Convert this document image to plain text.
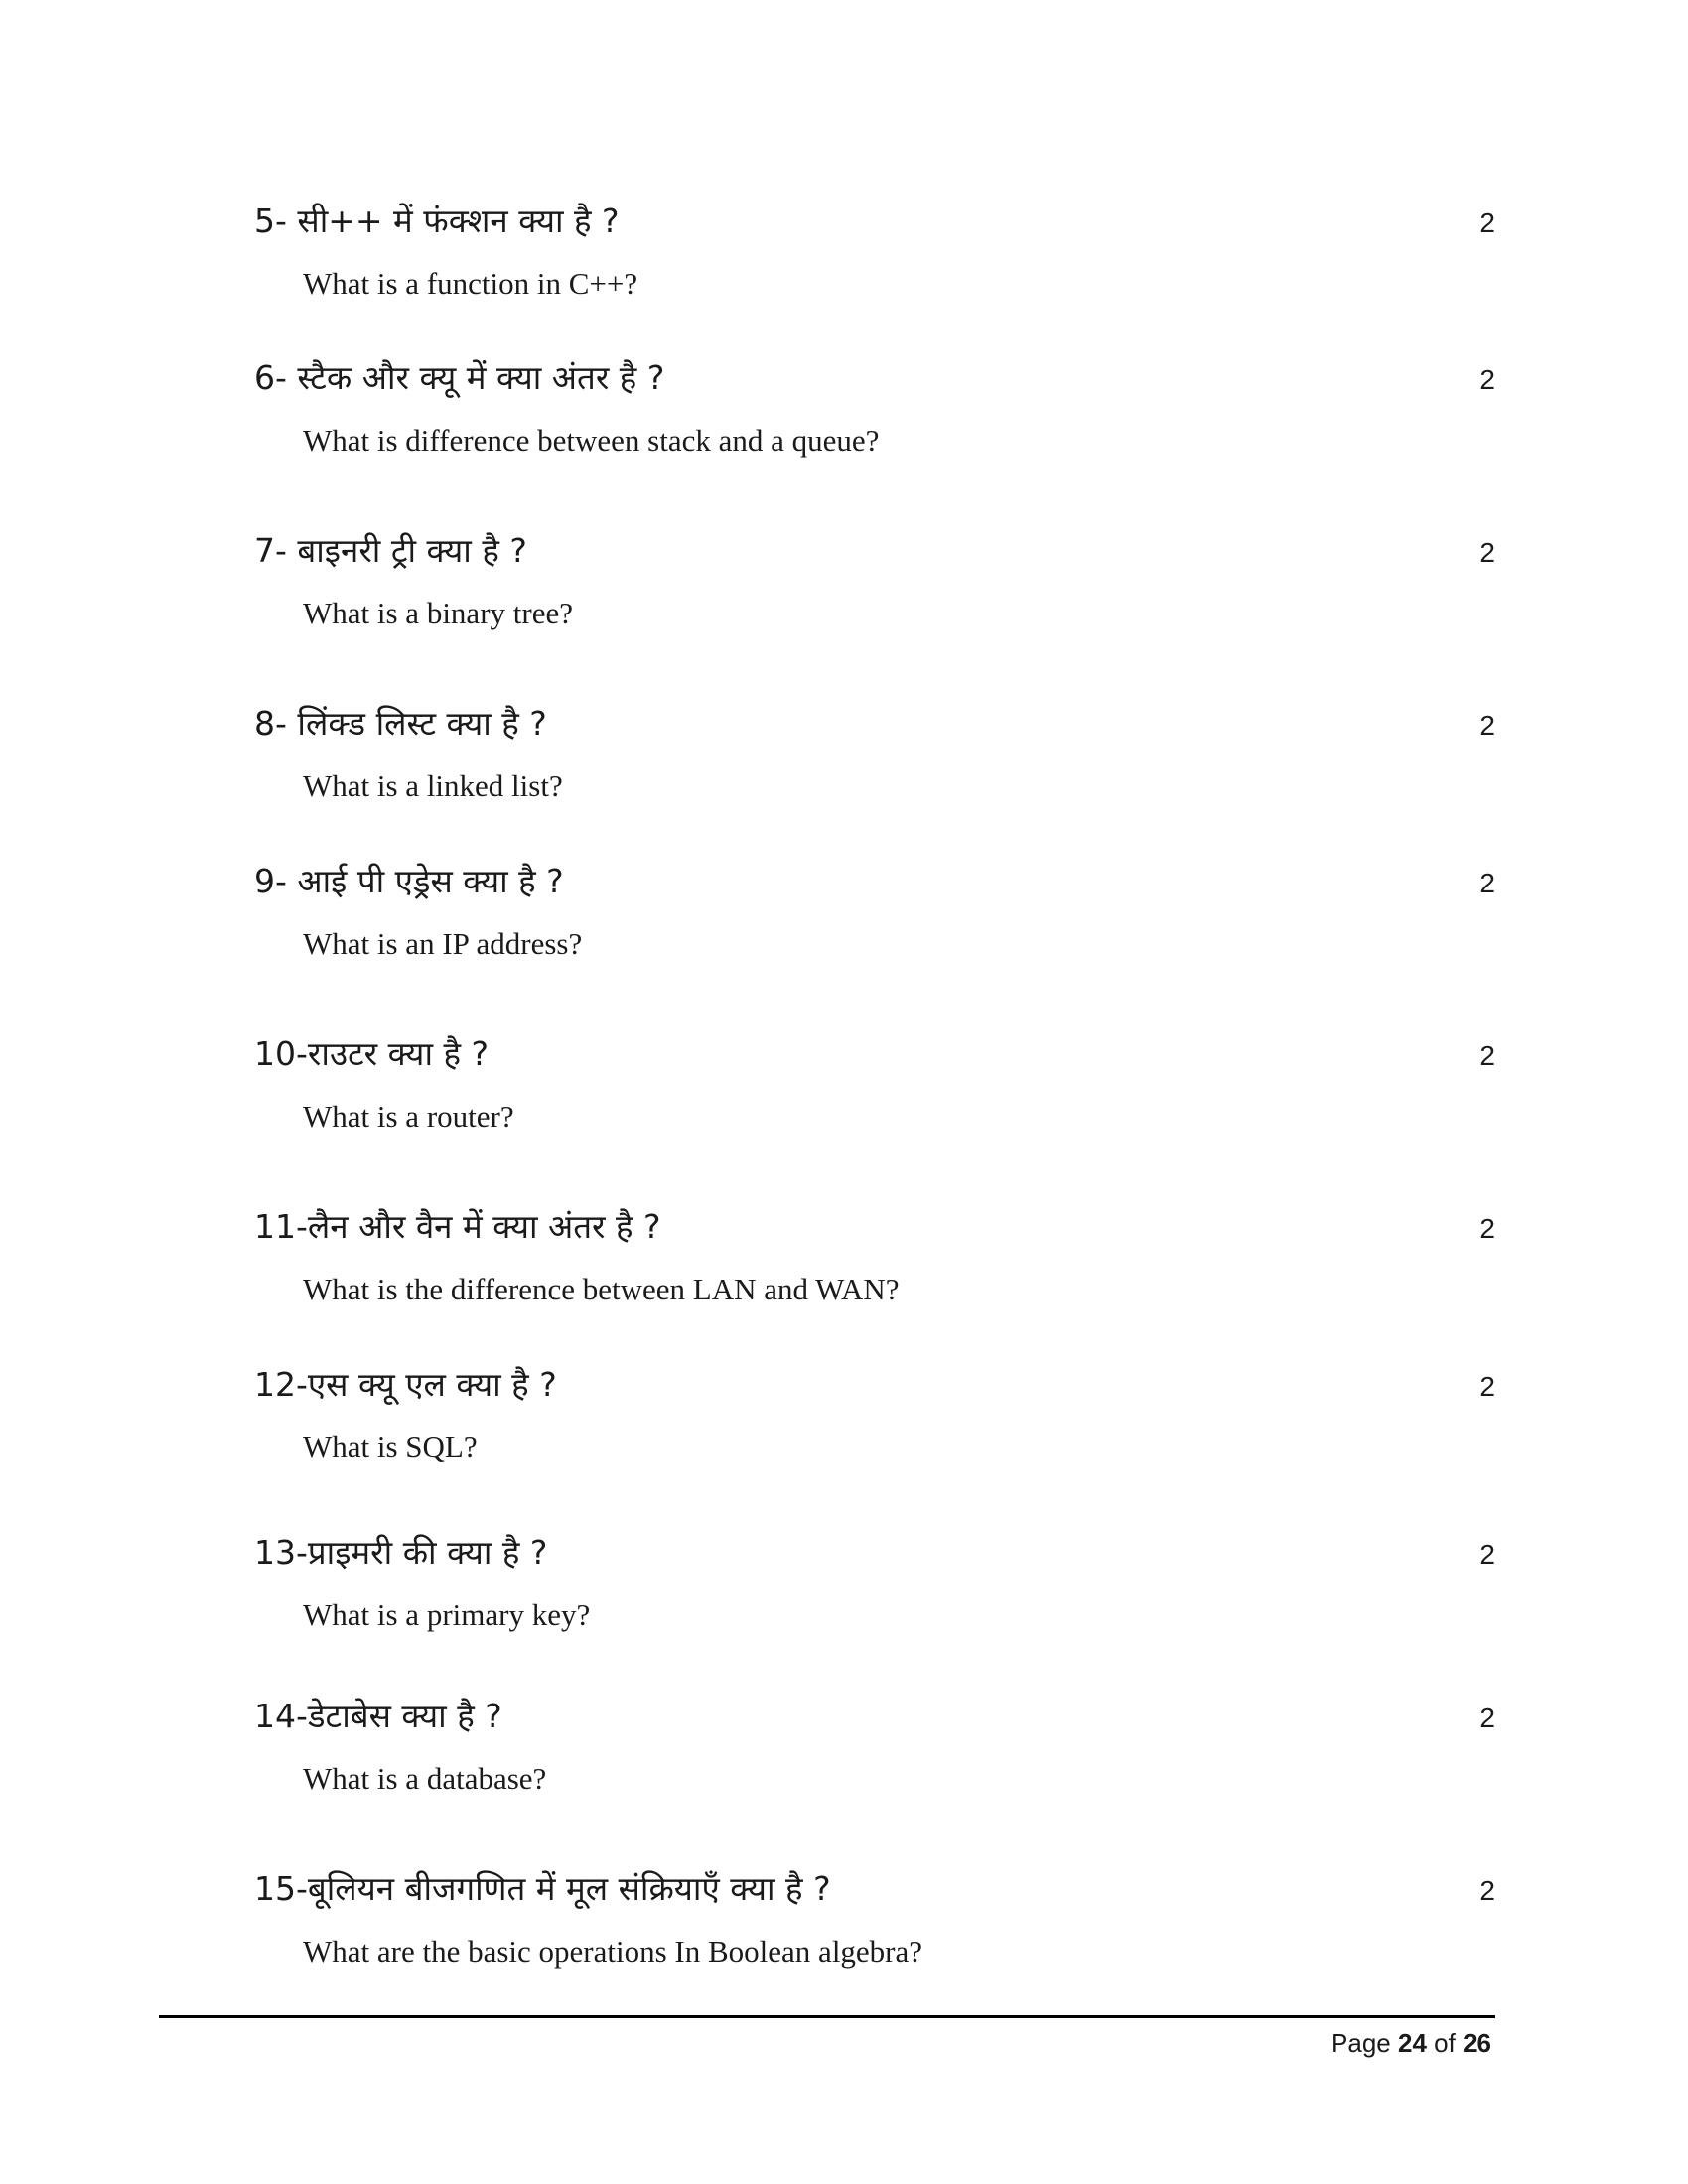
5- सी++ में फंक्शन क्या है ?	2
What is a function in C++?
6- स्टैक और क्यू में क्या अंतर है ?	2
What is difference between stack and a queue?
7- बाइनरी ट्री क्या है ?	2
What is a binary tree?
8- लिंक्ड लिस्ट क्या है ?	2
What is a linked list?
9- आई पी एड्रेस क्या है ?	2
What is an IP address?
10-राउटर क्या है ?	2
What is a router?
11-लैन और वैन में क्या अंतर है ?	2
What is the difference between LAN and WAN?
12-एस क्यू एल क्या है ?	2
What is SQL?
13-प्राइमरी की क्या है ?	2
What is a primary key?
14-डेटाबेस क्या है ?	2
What is a database?
15-बूलियन बीजगणित में मूल संक्रियाएँ क्या है ?	2
What are the basic operations In Boolean algebra?
Page 24 of 26
